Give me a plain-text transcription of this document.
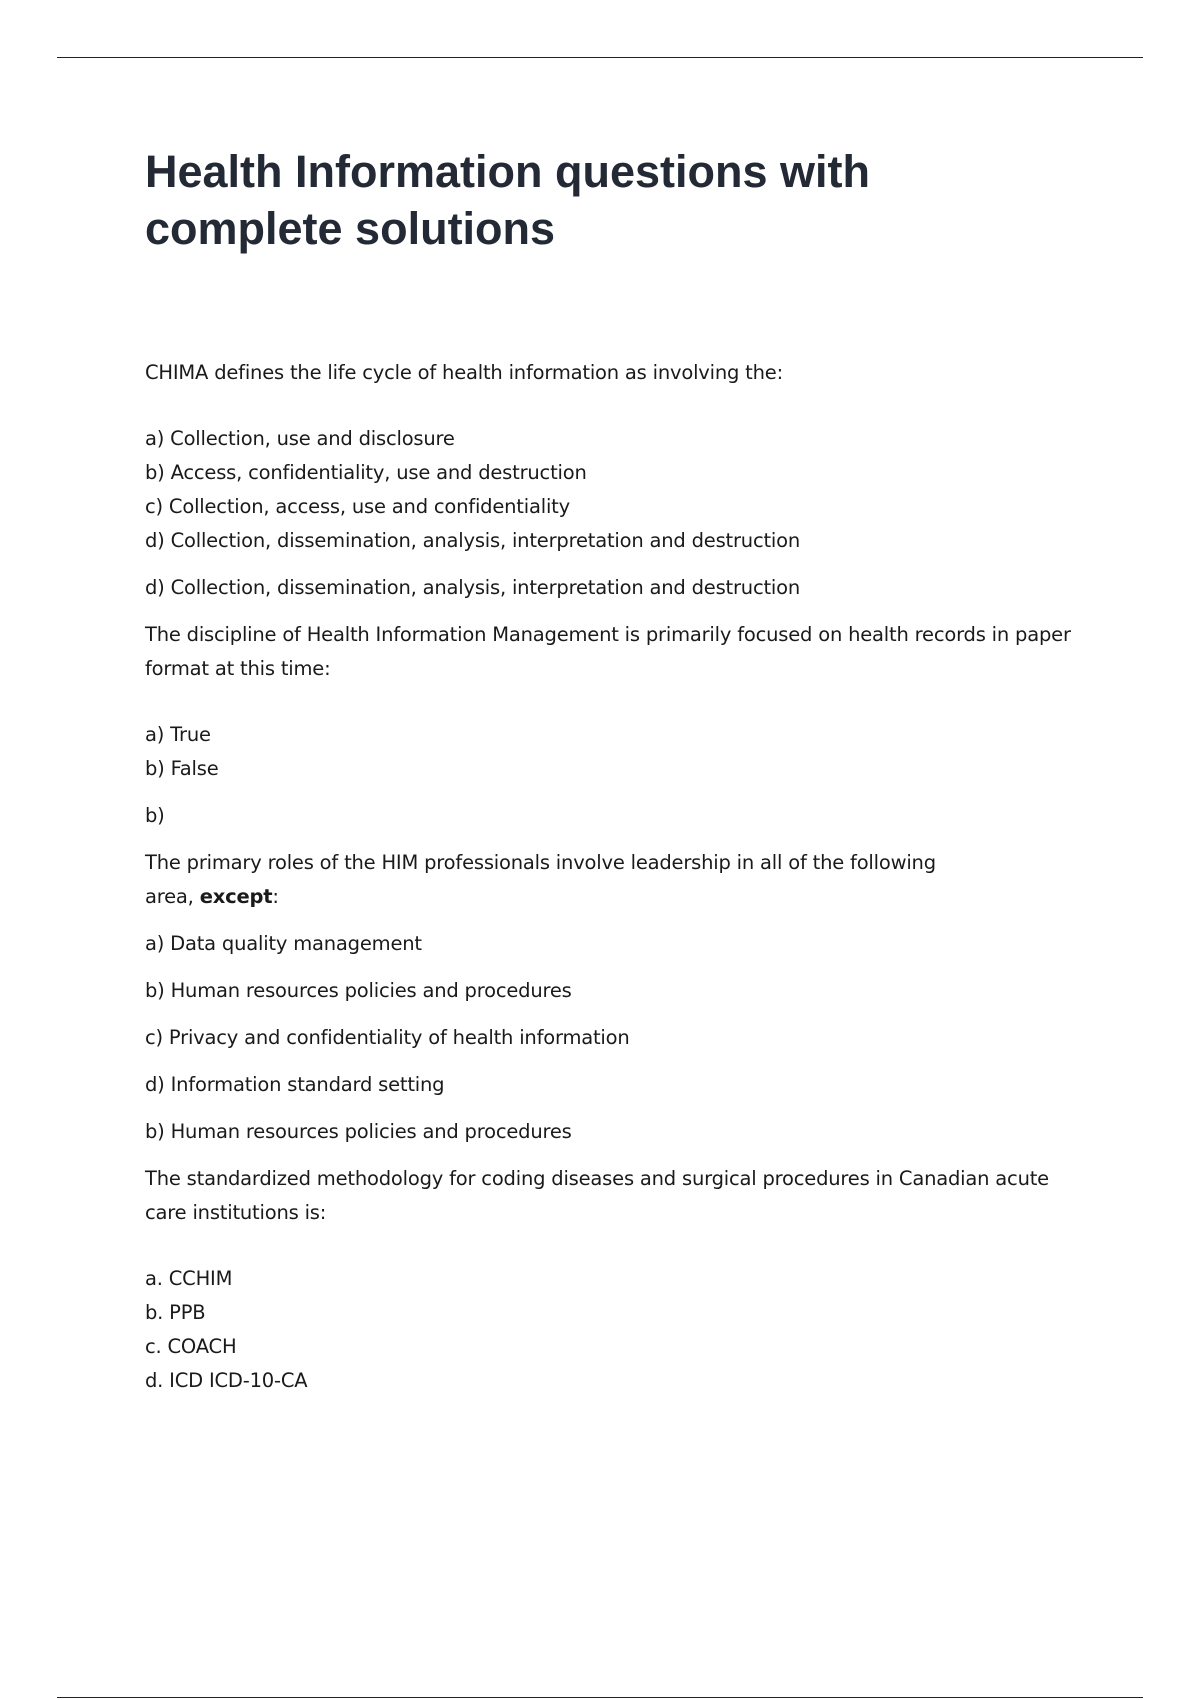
Health Information questions with complete solutions

CHIMA defines the life cycle of health information as involving the:

a) Collection, use and disclosure
b) Access, confidentiality, use and destruction
c) Collection, access, use and confidentiality
d) Collection, dissemination, analysis, interpretation and destruction

d) Collection, dissemination, analysis, interpretation and destruction

The discipline of Health Information Management is primarily focused on health records in paper format at this time:

a) True
b) False

b)

The primary roles of the HIM professionals involve leadership in all of the following
area, except:

a) Data quality management

b) Human resources policies and procedures

c) Privacy and confidentiality of health information

d) Information standard setting

b) Human resources policies and procedures

The standardized methodology for coding diseases and surgical procedures in Canadian acute care institutions is:

a. CCHIM
b. PPB
c. COACH
d. ICD ICD-10-CA
